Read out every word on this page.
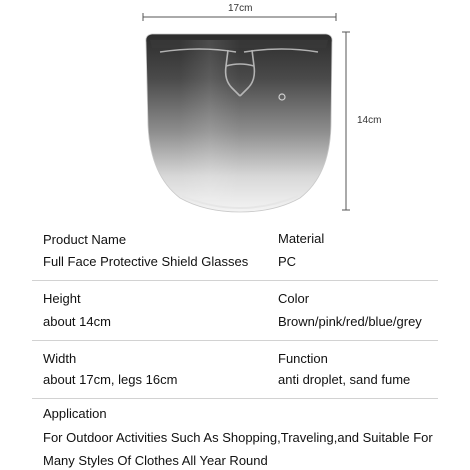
17cm
14cm
Product Name
Full Face Protective Shield Glasses
Material
PC
Height
about 14cm
Color
Brown/pink/red/blue/grey
Width
about 17cm, legs 16cm
Function
anti droplet, sand fume
Application
For Outdoor Activities Such As Shopping,Traveling,and Suitable For
Many Styles Of Clothes All Year Round
